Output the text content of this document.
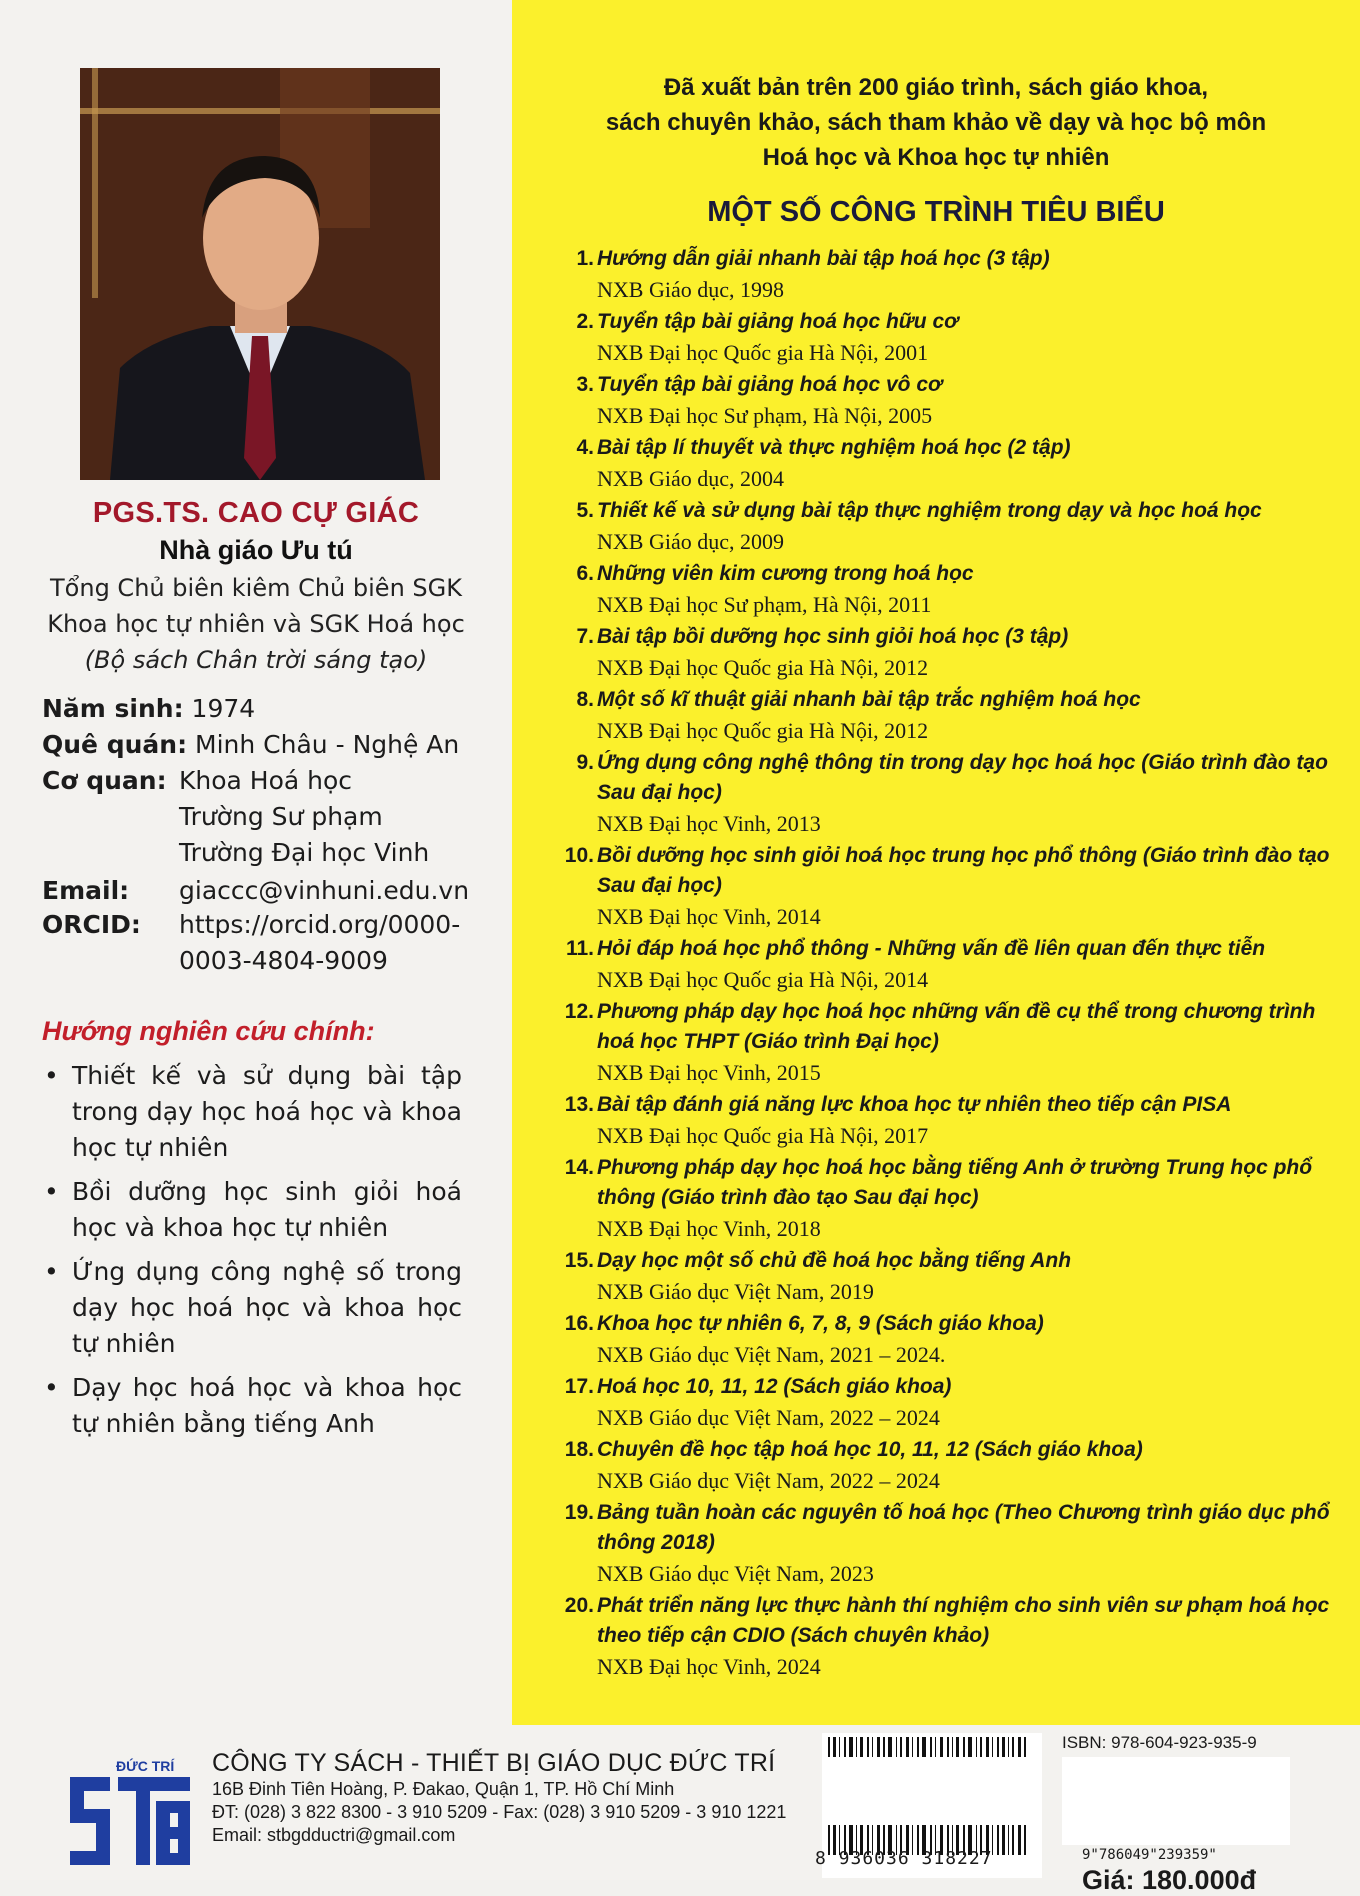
PGS.TS. CAO CỰ GIÁC
Nhà giáo Ưu tú
Tổng Chủ biên kiêm Chủ biên SGK
Khoa học tự nhiên và SGK Hoá học
(Bộ sách Chân trời sáng tạo)
Năm sinh: 1974
Quê quán: Minh Châu - Nghệ An
Cơ quan: Khoa Hoá học
Trường Sư phạm
Trường Đại học Vinh
Email: giaccc@vinhuni.edu.vn
ORCID: https://orcid.org/0000-
0003-4804-9009
Hướng nghiên cứu chính:
• Thiết kế và sử dụng bài tập trong dạy học hoá học và khoa học tự nhiên
• Bồi dưỡng học sinh giỏi hoá học và khoa học tự nhiên
• Ứng dụng công nghệ số trong dạy học hoá học và khoa học tự nhiên
• Dạy học hoá học và khoa học tự nhiên bằng tiếng Anh
Đã xuất bản trên 200 giáo trình, sách giáo khoa,
sách chuyên khảo, sách tham khảo về dạy và học bộ môn
Hoá học và Khoa học tự nhiên
MỘT SỐ CÔNG TRÌNH TIÊU BIỂU
1. Hướng dẫn giải nhanh bài tập hoá học (3 tập)
NXB Giáo dục, 1998
2. Tuyển tập bài giảng hoá học hữu cơ
NXB Đại học Quốc gia Hà Nội, 2001
3. Tuyển tập bài giảng hoá học vô cơ
NXB Đại học Sư phạm, Hà Nội, 2005
4. Bài tập lí thuyết và thực nghiệm hoá học (2 tập)
NXB Giáo dục, 2004
5. Thiết kế và sử dụng bài tập thực nghiệm trong dạy và học hoá học
NXB Giáo dục, 2009
6. Những viên kim cương trong hoá học
NXB Đại học Sư phạm, Hà Nội, 2011
7. Bài tập bồi dưỡng học sinh giỏi hoá học (3 tập)
NXB Đại học Quốc gia Hà Nội, 2012
8. Một số kĩ thuật giải nhanh bài tập trắc nghiệm hoá học
NXB Đại học Quốc gia Hà Nội, 2012
9. Ứng dụng công nghệ thông tin trong dạy học hoá học (Giáo trình đào tạo Sau đại học)
NXB Đại học Vinh, 2013
10. Bồi dưỡng học sinh giỏi hoá học trung học phổ thông (Giáo trình đào tạo Sau đại học)
NXB Đại học Vinh, 2014
11. Hỏi đáp hoá học phổ thông - Những vấn đề liên quan đến thực tiễn
NXB Đại học Quốc gia Hà Nội, 2014
12. Phương pháp dạy học hoá học những vấn đề cụ thể trong chương trình hoá học THPT (Giáo trình Đại học)
NXB Đại học Vinh, 2015
13. Bài tập đánh giá năng lực khoa học tự nhiên theo tiếp cận PISA
NXB Đại học Quốc gia Hà Nội, 2017
14. Phương pháp dạy học hoá học bằng tiếng Anh ở trường Trung học phổ thông (Giáo trình đào tạo Sau đại học)
NXB Đại học Vinh, 2018
15. Dạy học một số chủ đề hoá học bằng tiếng Anh
NXB Giáo dục Việt Nam, 2019
16. Khoa học tự nhiên 6, 7, 8, 9 (Sách giáo khoa)
NXB Giáo dục Việt Nam, 2021 – 2024.
17. Hoá học 10, 11, 12 (Sách giáo khoa)
NXB Giáo dục Việt Nam, 2022 – 2024
18. Chuyên đề học tập hoá học 10, 11, 12 (Sách giáo khoa)
NXB Giáo dục Việt Nam, 2022 – 2024
19. Bảng tuần hoàn các nguyên tố hoá học (Theo Chương trình giáo dục phổ thông 2018)
NXB Giáo dục Việt Nam, 2023
20. Phát triển năng lực thực hành thí nghiệm cho sinh viên sư phạm hoá học theo tiếp cận CDIO (Sách chuyên khảo)
NXB Đại học Vinh, 2024
ĐỨC TRÍ CÔNG TY SÁCH - THIẾT BỊ GIÁO DỤC ĐỨC TRÍ
16B Đinh Tiên Hoàng, P. Đakao, Quận 1, TP. Hồ Chí Minh
ĐT: (028) 3 822 8300 - 3 910 5209 - Fax: (028) 3 910 5209 - 3 910 1221
Email: stbgdductri@gmail.com
8 936036 318227
ISBN: 978-604-923-935-9
9"786049"239359"
Giá: 180.000đ
